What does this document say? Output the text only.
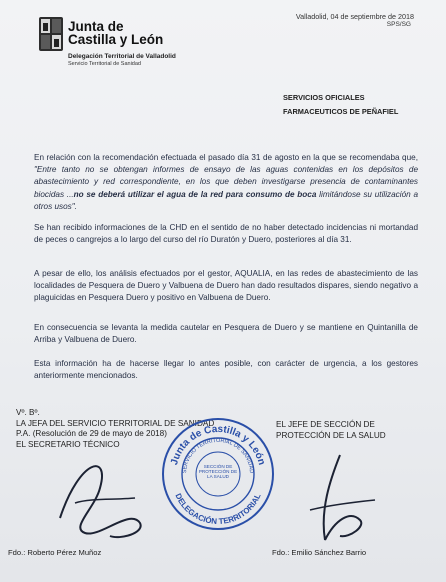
Junta de
Castilla y León
Delegación Territorial de Valladolid
Servicio Territorial de Sanidad
Valladolid, 04 de septiembre de 2018
SPS/SG
SERVICIOS OFICIALES
FARMACEUTICOS DE PEÑAFIEL
En relación con la recomendación efectuada el pasado día 31 de agosto en la que se recomendaba que, "Entre tanto no se obtengan informes de ensayo de las aguas contenidas en los depósitos de abastecimiento y red correspondiente, en los que deben investigarse presencia de contaminantes biocidas ...no se deberá utilizar el agua de la red para consumo de boca limitándose su utilización a otros usos".
Se han recibido informaciones de la CHD en el sentido de no haber detectado incidencias ni mortandad de peces o cangrejos a lo largo del curso del río Duratón y Duero, posteriores al día 31.
A pesar de ello, los análisis efectuados por el gestor, AQUALIA, en las redes de abastecimiento de las localidades de Pesquera de Duero y Valbuena de Duero han dado resultados dispares, siendo negativo a plaguicidas en Pesquera Duero y positivo en Valbuena de Duero.
En consecuencia se levanta la medida cautelar en Pesquera de Duero y se mantiene en Quintanilla de Arriba y Valbuena de Duero.
Esta información ha de hacerse llegar lo antes posible, con carácter de urgencia, a los gestores anteriormente mencionados.
Vº. Bº.
LA JEFA DEL SERVICIO TERRITORIAL DE SANIDAD
P.A. (Resolución de 29 de mayo de 2018)
EL SECRETARIO TÉCNICO
EL JEFE DE SECCIÓN DE
PROTECCIÓN DE LA SALUD
Junta de Castilla y León
SERVICIO TERRITORIAL DE SANIDAD
SECCIÓN DE PROTECCIÓN DE LA SALUD
DELEGACIÓN TERRITORIAL
Fdo.: Roberto Pérez Muñoz	Fdo.: Emilio Sánchez Barrio
